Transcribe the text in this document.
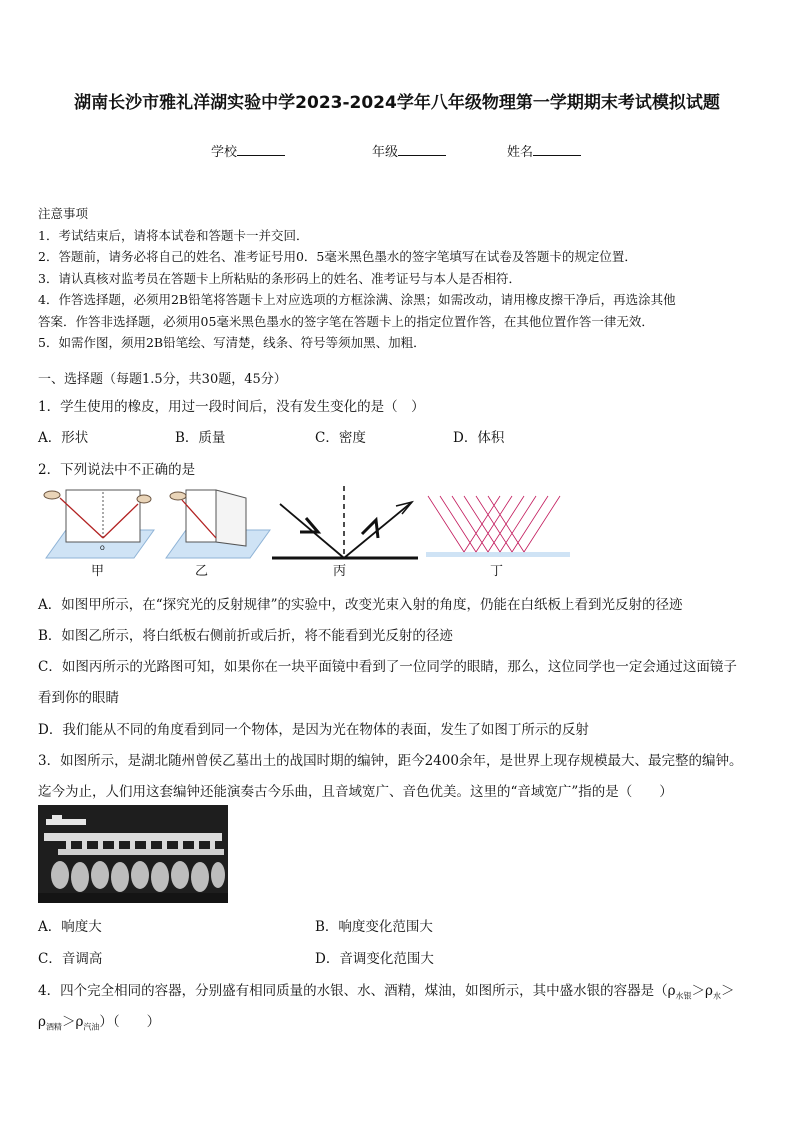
湖南长沙市雅礼洋湖实验中学2023-2024学年八年级物理第一学期期末考试模拟试题
学校	年级	姓名
注意事项
1．考试结束后，请将本试卷和答题卡一并交回．
2．答题前，请务必将自己的姓名、准考证号用0．5毫米黑色墨水的签字笔填写在试卷及答题卡的规定位置．
3．请认真核对监考员在答题卡上所粘贴的条形码上的姓名、准考证号与本人是否相符．
4．作答选择题，必须用2B铅笔将答题卡上对应选项的方框涂满、涂黑；如需改动，请用橡皮擦干净后，再选涂其他
答案．作答非选择题，必须用05毫米黑色墨水的签字笔在答题卡上的指定位置作答，在其他位置作答一律无效．
5．如需作图，须用2B铅笔绘、写清楚，线条、符号等须加黑、加粗．
一、选择题（每题1.5分，共30题，45分）
1．学生使用的橡皮，用过一段时间后，没有发生变化的是（　）
A．形状	B．质量	C．密度	D．体积
2．下列说法中不正确的是
O
甲	乙	丙	丁
A．如图甲所示，在“探究光的反射规律”的实验中，改变光束入射的角度，仍能在白纸板上看到光反射的径迹
B．如图乙所示，将白纸板右侧前折或后折，将不能看到光反射的径迹
C．如图丙所示的光路图可知，如果你在一块平面镜中看到了一位同学的眼睛，那么，这位同学也一定会通过这面镜子
看到你的眼睛
D．我们能从不同的角度看到同一个物体，是因为光在物体的表面，发生了如图丁所示的反射
3．如图所示，是湖北随州曾侯乙墓出土的战国时期的编钟，距今2400余年，是世界上现存规模最大、最完整的编钟。
迄今为止，人们用这套编钟还能演奏古今乐曲，且音域宽广、音色优美。这里的“音域宽广”指的是（　　）
A．响度大	B．响度变化范围大
C．音调高	D．音调变化范围大
4．四个完全相同的容器，分别盛有相同质量的水银、水、酒精，煤油，如图所示，其中盛水银的容器是（$\rho_{水银}>\rho_水>$
$\rho_{酒精}>\rho_{汽油}$）（　　）
